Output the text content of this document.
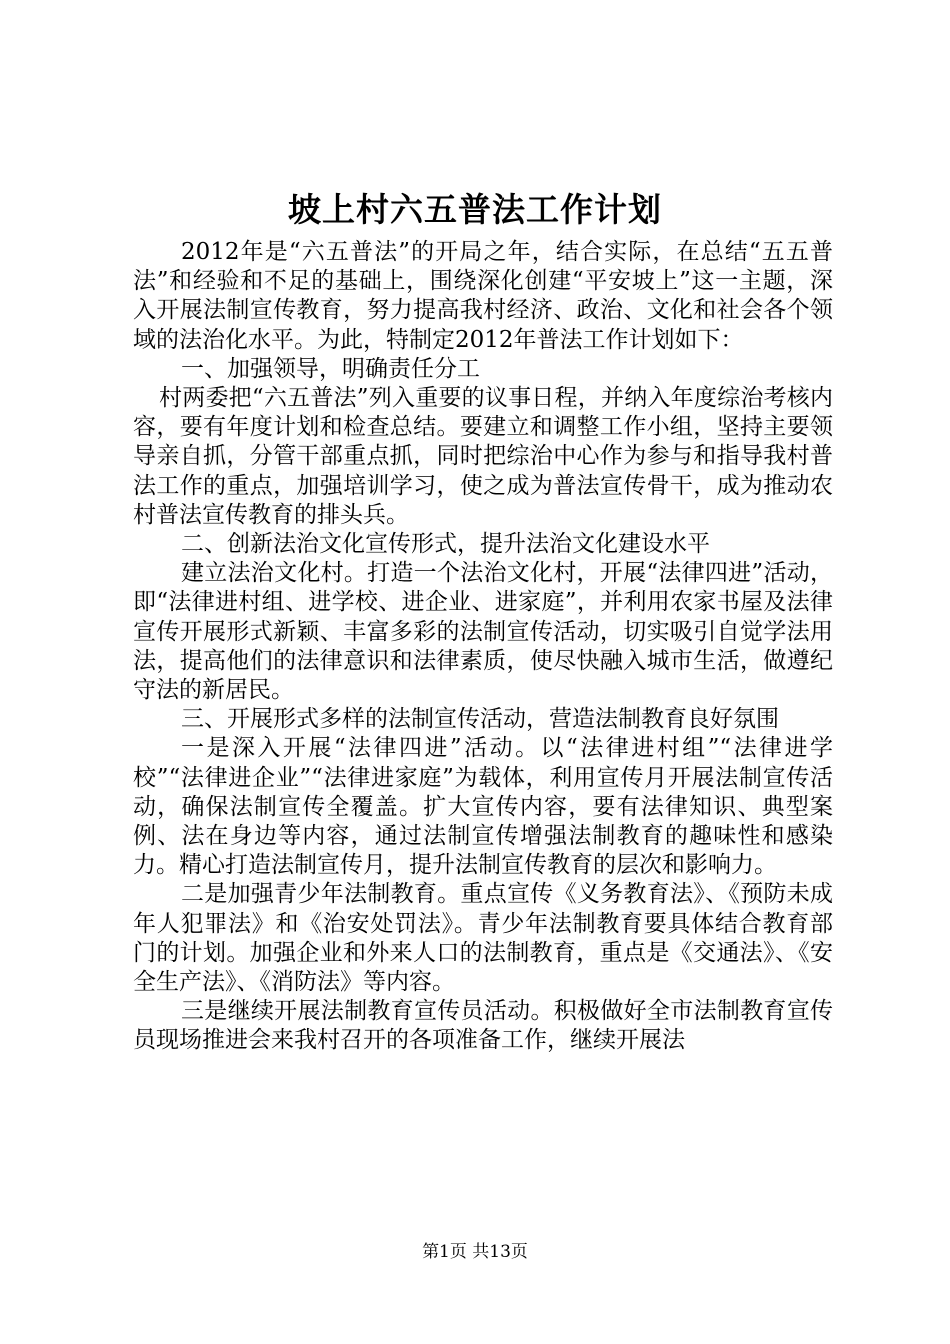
坡上村六五普法工作计划

2012年是“六五普法”的开局之年，结合实际，在总结“五五普法”和经验和不足的基础上，围绕深化创建“平安坡上”这一主题，深入开展法制宣传教育，努力提高我村经济、政治、文化和社会各个领域的法治化水平。为此，特制定2012年普法工作计划如下：

一、加强领导，明确责任分工

村两委把“六五普法”列入重要的议事日程，并纳入年度综治考核内容，要有年度计划和检查总结。要建立和调整工作小组，坚持主要领导亲自抓，分管干部重点抓，同时把综治中心作为参与和指导我村普法工作的重点，加强培训学习，使之成为普法宣传骨干，成为推动农村普法宣传教育的排头兵。

二、创新法治文化宣传形式，提升法治文化建设水平

建立法治文化村。打造一个法治文化村，开展“法律四进”活动，即“法律进村组、进学校、进企业、进家庭”，并利用农家书屋及法律宣传开展形式新颖、丰富多彩的法制宣传活动，切实吸引自觉学法用法，提高他们的法律意识和法律素质，使尽快融入城市生活，做遵纪守法的新居民。

三、开展形式多样的法制宣传活动，营造法制教育良好氛围

一是深入开展“法律四进”活动。以“法律进村组”“法律进学校”“法律进企业”“法律进家庭”为载体，利用宣传月开展法制宣传活动，确保法制宣传全覆盖。扩大宣传内容，要有法律知识、典型案例、法在身边等内容，通过法制宣传增强法制教育的趣味性和感染力。精心打造法制宣传月，提升法制宣传教育的层次和影响力。

二是加强青少年法制教育。重点宣传《义务教育法》、《预防未成年人犯罪法》和《治安处罚法》。青少年法制教育要具体结合教育部门的计划。加强企业和外来人口的法制教育，重点是《交通法》、《安全生产法》、《消防法》等内容。

三是继续开展法制教育宣传员活动。积极做好全市法制教育宣传员现场推进会来我村召开的各项准备工作，继续开展法

第1页 共13页
